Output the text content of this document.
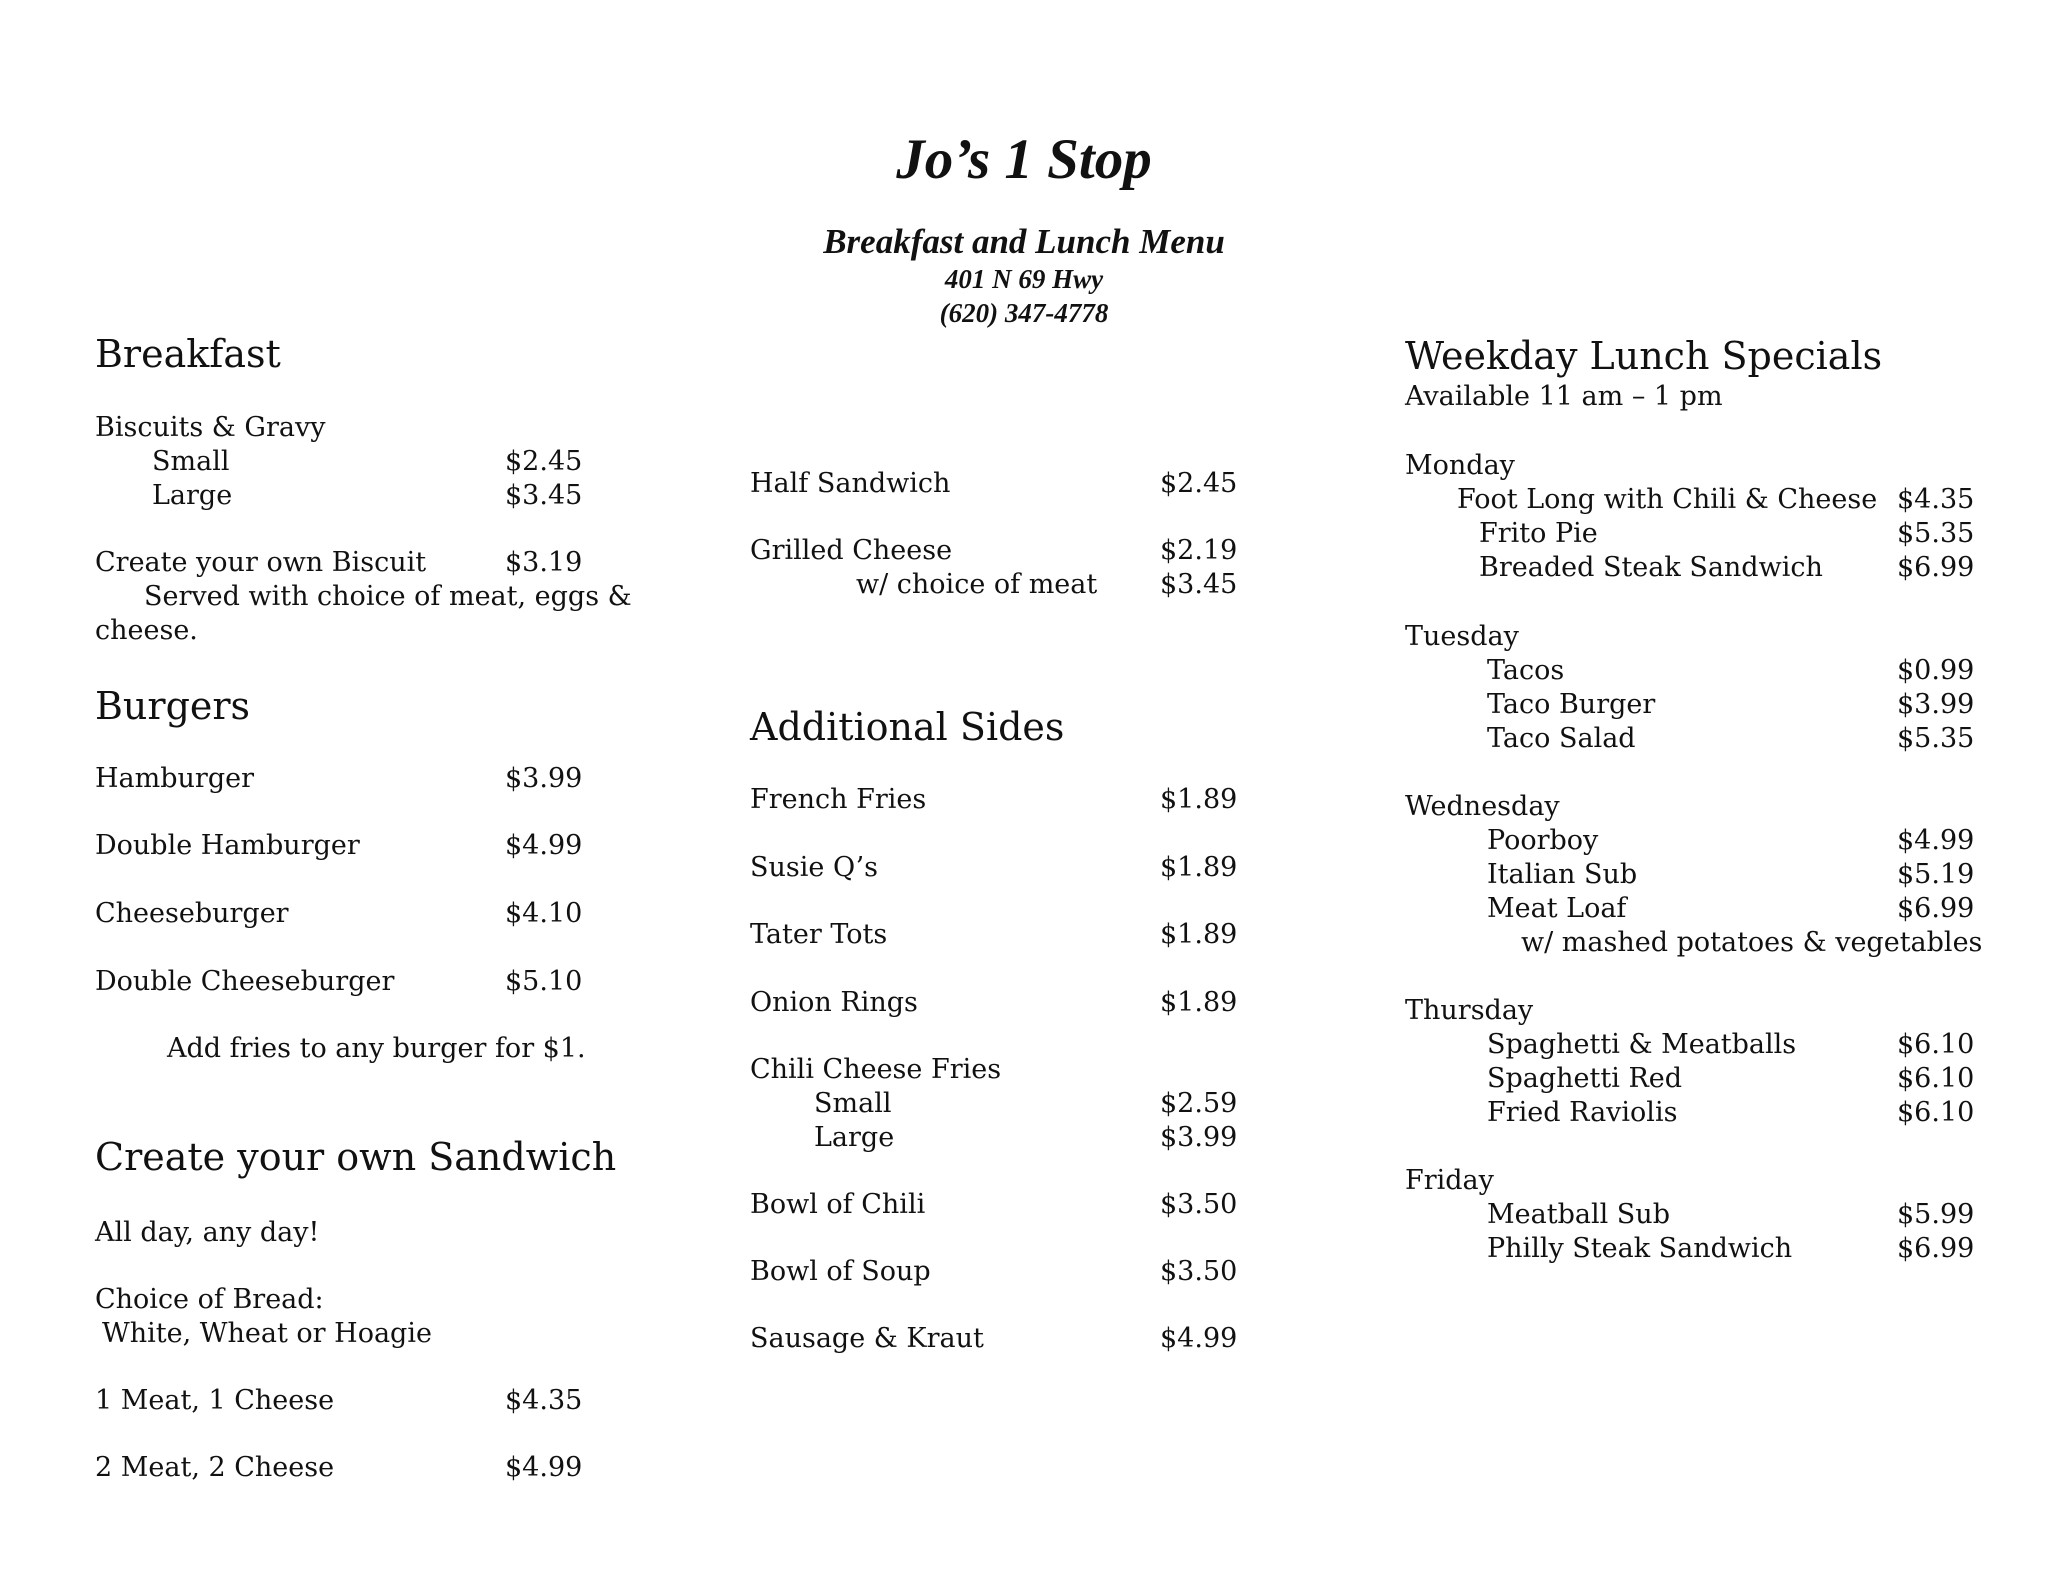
Jo’s 1 Stop
Breakfast and Lunch Menu
401 N 69 Hwy
(620) 347-4778
Breakfast
Biscuits & Gravy
Small	$2.45
Large	$3.45
Create your own Biscuit	$3.19
Served with choice of meat, eggs &
cheese.
Burgers
Hamburger	$3.99
Double Hamburger	$4.99
Cheeseburger	$4.10
Double Cheeseburger	$5.10
Add fries to any burger for $1.
Create your own Sandwich
All day, any day!
Choice of Bread:
White, Wheat or Hoagie
1 Meat, 1 Cheese	$4.35
2 Meat, 2 Cheese	$4.99
Half Sandwich	$2.45
Grilled Cheese	$2.19
w/ choice of meat $3.45
Additional Sides
French Fries	$1.89
Susie Q’s	$1.89
Tater Tots	$1.89
Onion Rings	$1.89
Chili Cheese Fries
Small	$2.59
Large	$3.99
Bowl of Chili	$3.50
Bowl of Soup	$3.50
Sausage & Kraut	$4.99
Weekday Lunch Specials
Available 11 am – 1 pm
Monday
Foot Long with Chili & Cheese $4.35
Frito Pie	$5.35
Breaded Steak Sandwich	$6.99
Tuesday
Tacos	$0.99
Taco Burger	$3.99
Taco Salad	$5.35
Wednesday
Poorboy	$4.99
Italian Sub	$5.19
Meat Loaf	$6.99
w/ mashed potatoes & vegetables
Thursday
Spaghetti & Meatballs	$6.10
Spaghetti Red	$6.10
Fried Raviolis	$6.10
Friday
Meatball Sub	$5.99
Philly Steak Sandwich	$6.99
